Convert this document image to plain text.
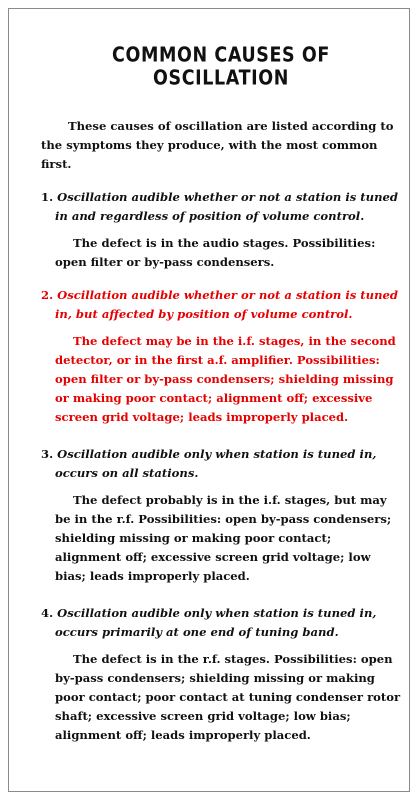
COMMON CAUSES OF OSCILLATION

These causes of oscillation are listed according to the symptoms they produce, with the most common first.

1. Oscillation audible whether or not a station is tuned in and regardless of position of volume control.

The defect is in the audio stages. Possibilities: open filter or by-pass condensers.

2. Oscillation audible whether or not a station is tuned in, but affected by position of volume control.

The defect may be in the i.f. stages, in the second detector, or in the first a.f. amplifier. Possibilities: open filter or by-pass condensers; shielding missing or making poor contact; alignment off; excessive screen grid voltage; leads improperly placed.

3. Oscillation audible only when station is tuned in, occurs on all stations.

The defect probably is in the i.f. stages, but may be in the r.f. Possibilities: open by-pass condensers; shielding missing or making poor contact; alignment off; excessive screen grid voltage; low bias; leads improperly placed.

4. Oscillation audible only when station is tuned in, occurs primarily at one end of tuning band.

The defect is in the r.f. stages. Possibilities: open by-pass condensers; shielding missing or making poor contact; poor contact at tuning condenser rotor shaft; excessive screen grid voltage; low bias; alignment off; leads improperly placed.
